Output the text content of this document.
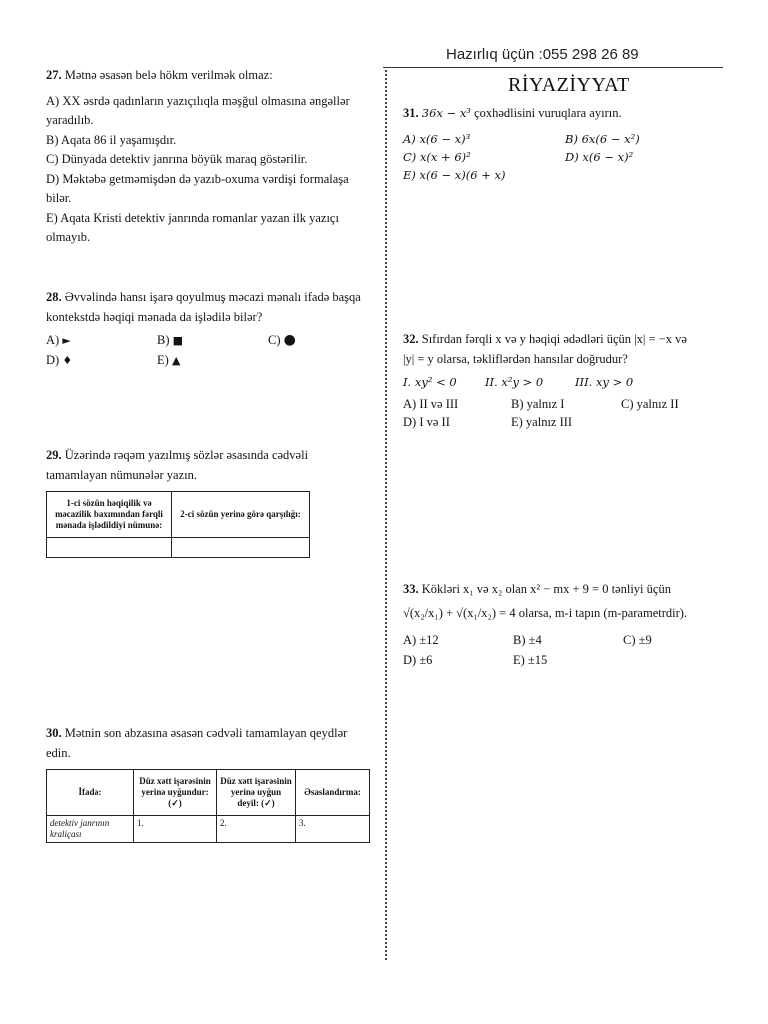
Hazırlıq üçün :055 298 26 89
RİYAZİYYAT

27. Mətnə əsasən belə hökm verilmək olmaz:

A) XX əsrdə qadınların yazıçılıqla məşğul olmasına əngəllər yaradılıb.

B) Aqata 86 il yaşamışdır.

C) Dünyada detektiv janrına böyük maraq göstərilir.

D) Məktəbə getməmişdən də yazıb-oxuma vərdişi formalaşa bilər.

E) Aqata Kristi detektiv janrında romanlar yazan ilk yazıçı olmayıb.

28. Əvvəlində hansı işarə qoyulmuş məcazi mənalı ifadə başqa kontekstdə həqiqi mənada da işlədilə bilər?

A) ►	B) ■	C) ●
D) ♦	E) ▲

29. Üzərində rəqəm yazılmış sözlər əsasında cədvəli tamamlayan nümunələr yazın.

1-ci sözün həqiqilik və məcazilik baxımından fərqli mənada işlədildiyi nümunə:	2-ci sözün yerinə görə qarşılığı:

30. Mətnin son abzasına əsasən cədvəli tamamlayan qeydlər edin.

İfadə:	Düz xətt işarəsinin yerinə uyğundur: (✓)	Düz xətt işarəsinin yerinə uyğun deyil: (✓)	Əsaslandırma:
detektiv janrının kraliçası	1.	2.	3.

31. 36x − x³ çoxhədlisini vuruqlara ayırın.

A) x(6 − x)³	B) 6x(6 − x²)
C) x(x + 6)²	D) x(6 − x)²
E) x(6 − x)(6 + x)

32. Sıfırdan fərqli x və y həqiqi ədədləri üçün |x| = −x və

|y| = y olarsa, təkliflərdən hansılar doğrudur?

I. xy² < 0 II. x²y > 0	III. xy > 0
A) II və III	B) yalnız I	C) yalnız II
D) I və II	E) yalnız III

33. Kökləri x₁ və x₂ olan x² − mx + 9 = 0 tənliyi üçün

√(x₂/x₁) + √(x₁/x₂) = 4 olarsa, m-i tapın (m-parametrdir).

A) ±12	B) ±4	C) ±9
D) ±6	E) ±15
